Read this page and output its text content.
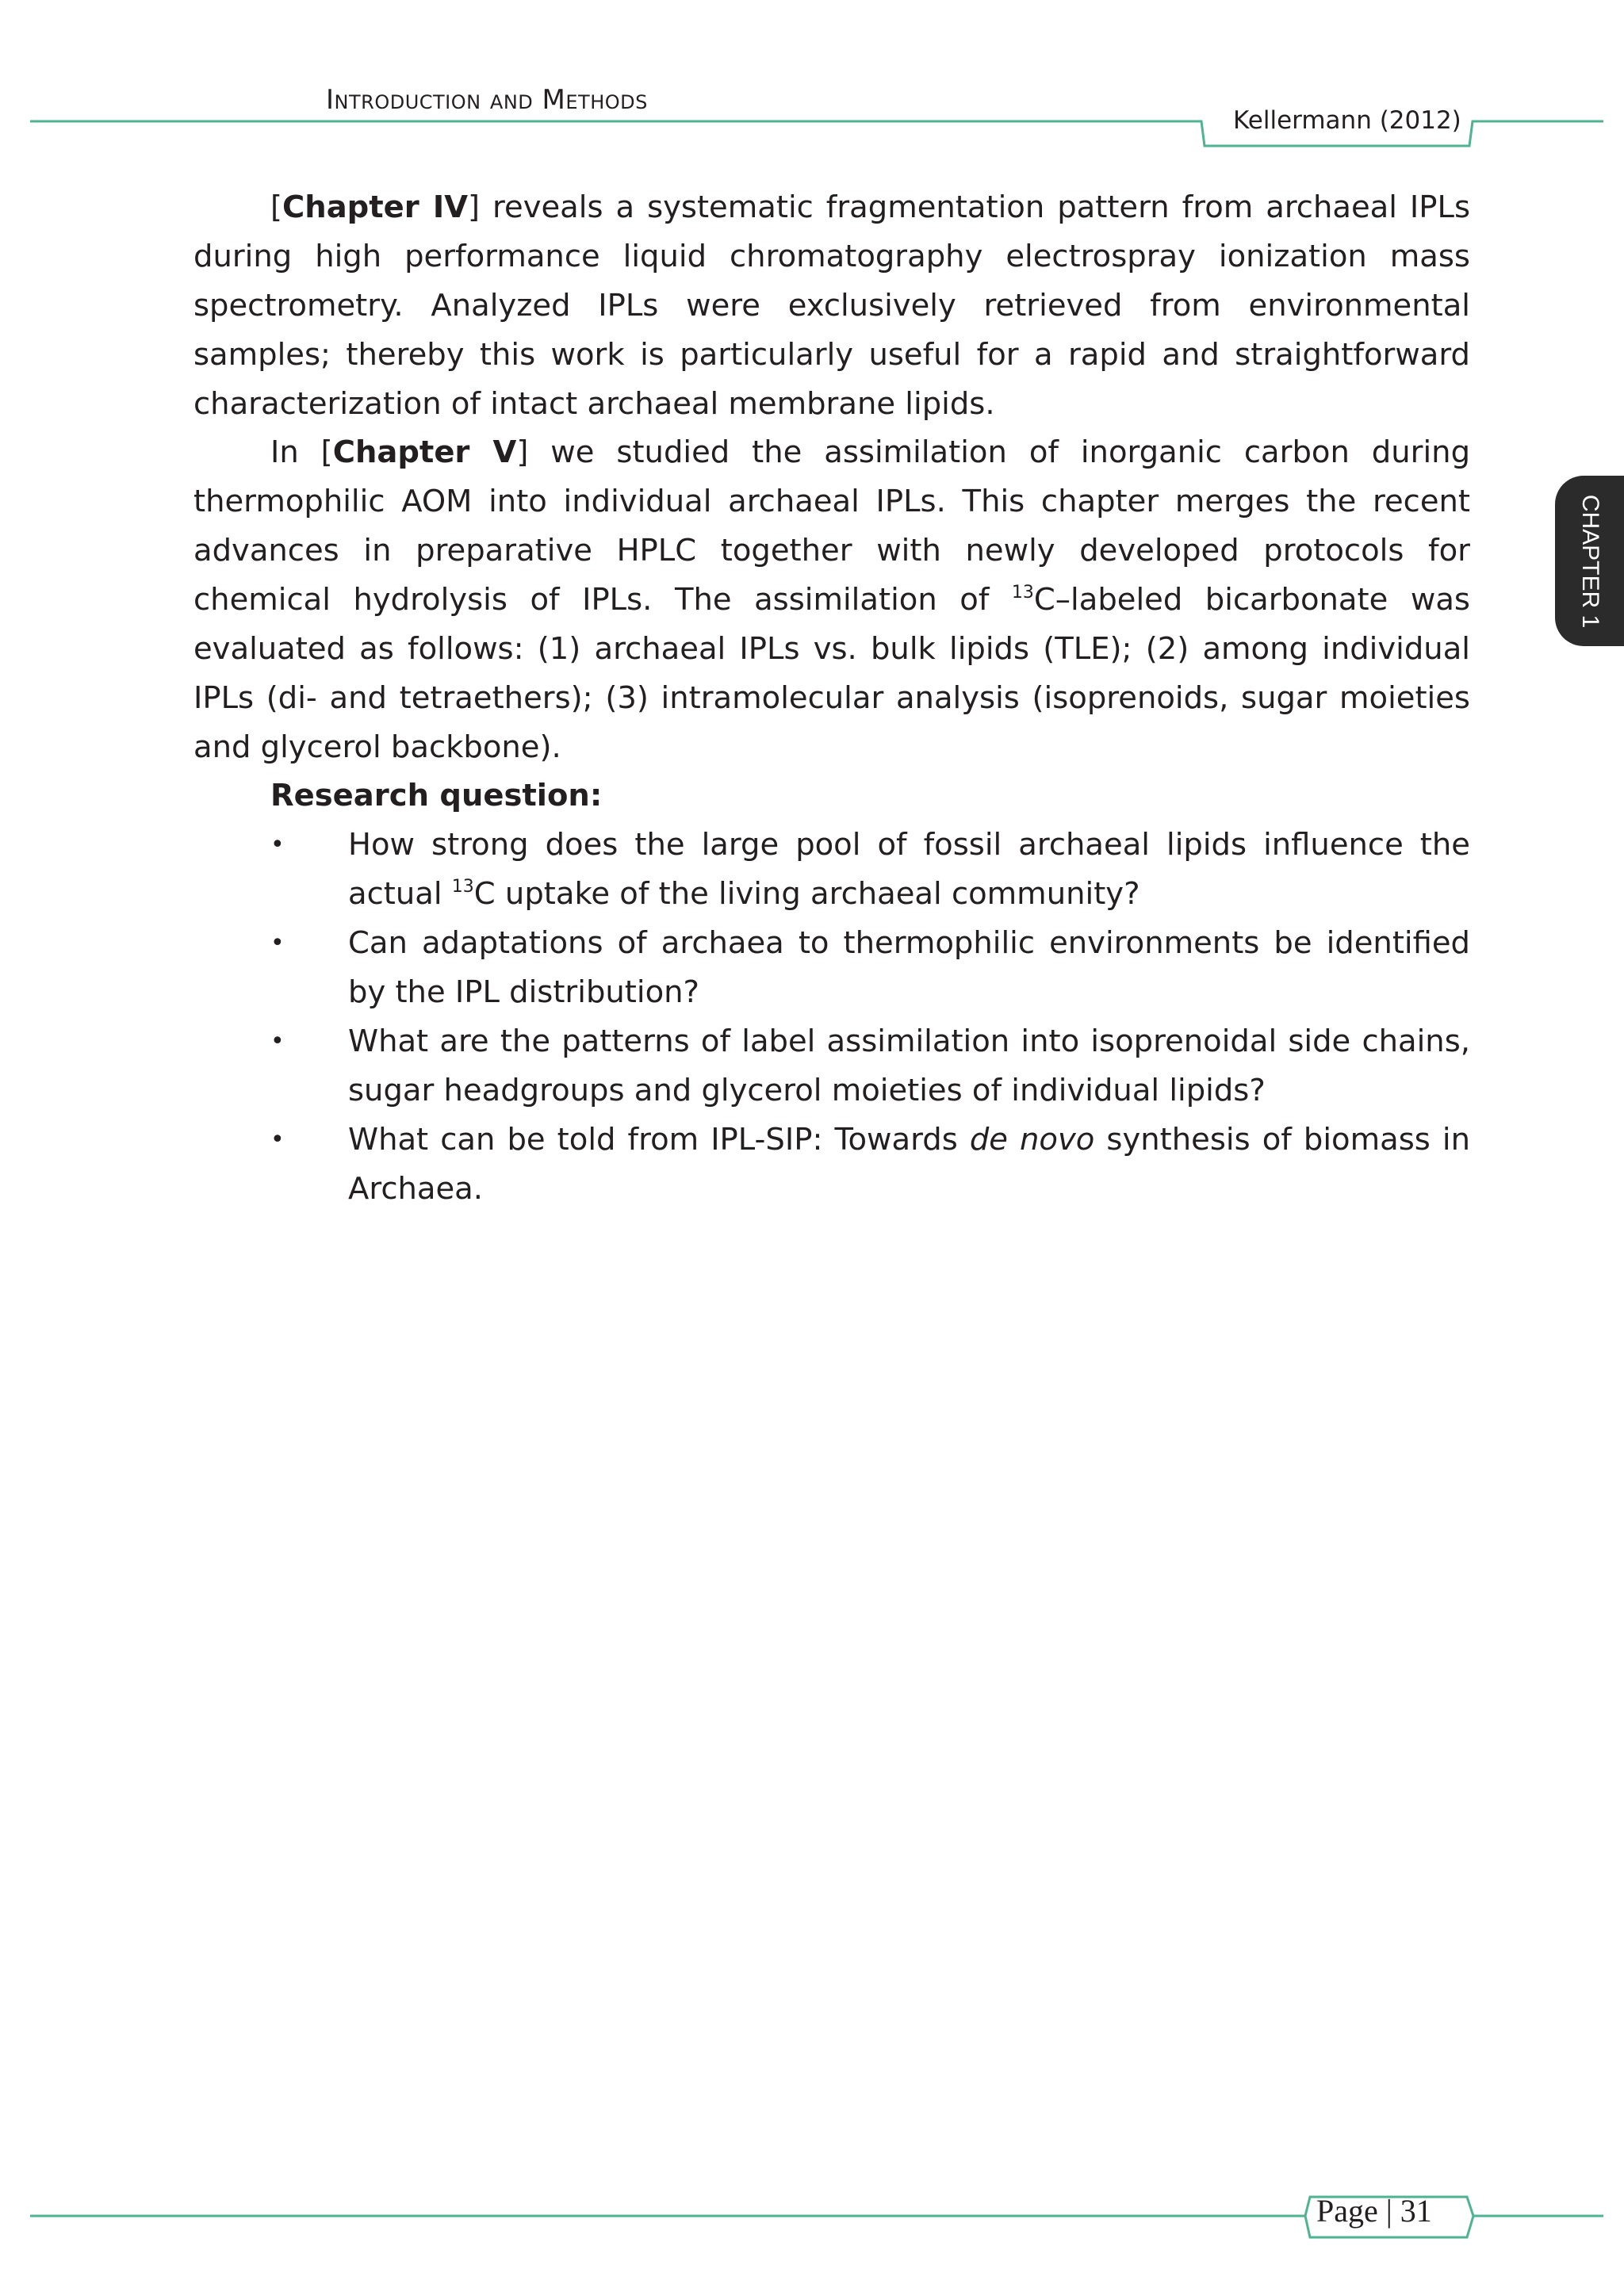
Introduction and Methods
Kellermann (2012)
CHAPTER 1
[Chapter IV] reveals a systematic fragmentation pattern from archaeal IPLs during high performance liquid chromatography electrospray ionization mass spectrometry. Analyzed IPLs were exclusively retrieved from environmental samples; thereby this work is particularly useful for a rapid and straightforward characterization of intact archaeal membrane lipids.
In [Chapter V] we studied the assimilation of inorganic carbon during thermophilic AOM into individual archaeal IPLs. This chapter merges the recent advances in preparative HPLC together with newly developed protocols for chemical hydrolysis of IPLs. The assimilation of $^{13}$C–labeled bicarbonate was evaluated as follows: (1) archaeal IPLs vs. bulk lipids (TLE); (2) among individual IPLs (di- and tetraethers); (3) intramolecular analysis (isoprenoids, sugar moieties and glycerol backbone).
Research question:
• How strong does the large pool of fossil archaeal lipids influence the actual $^{13}$C uptake of the living archaeal community?
• Can adaptations of archaea to thermophilic environments be identified by the IPL distribution?
• What are the patterns of label assimilation into isoprenoidal side chains, sugar headgroups and glycerol moieties of individual lipids?
• What can be told from IPL-SIP: Towards de novo synthesis of biomass in Archaea.
Page | 31
